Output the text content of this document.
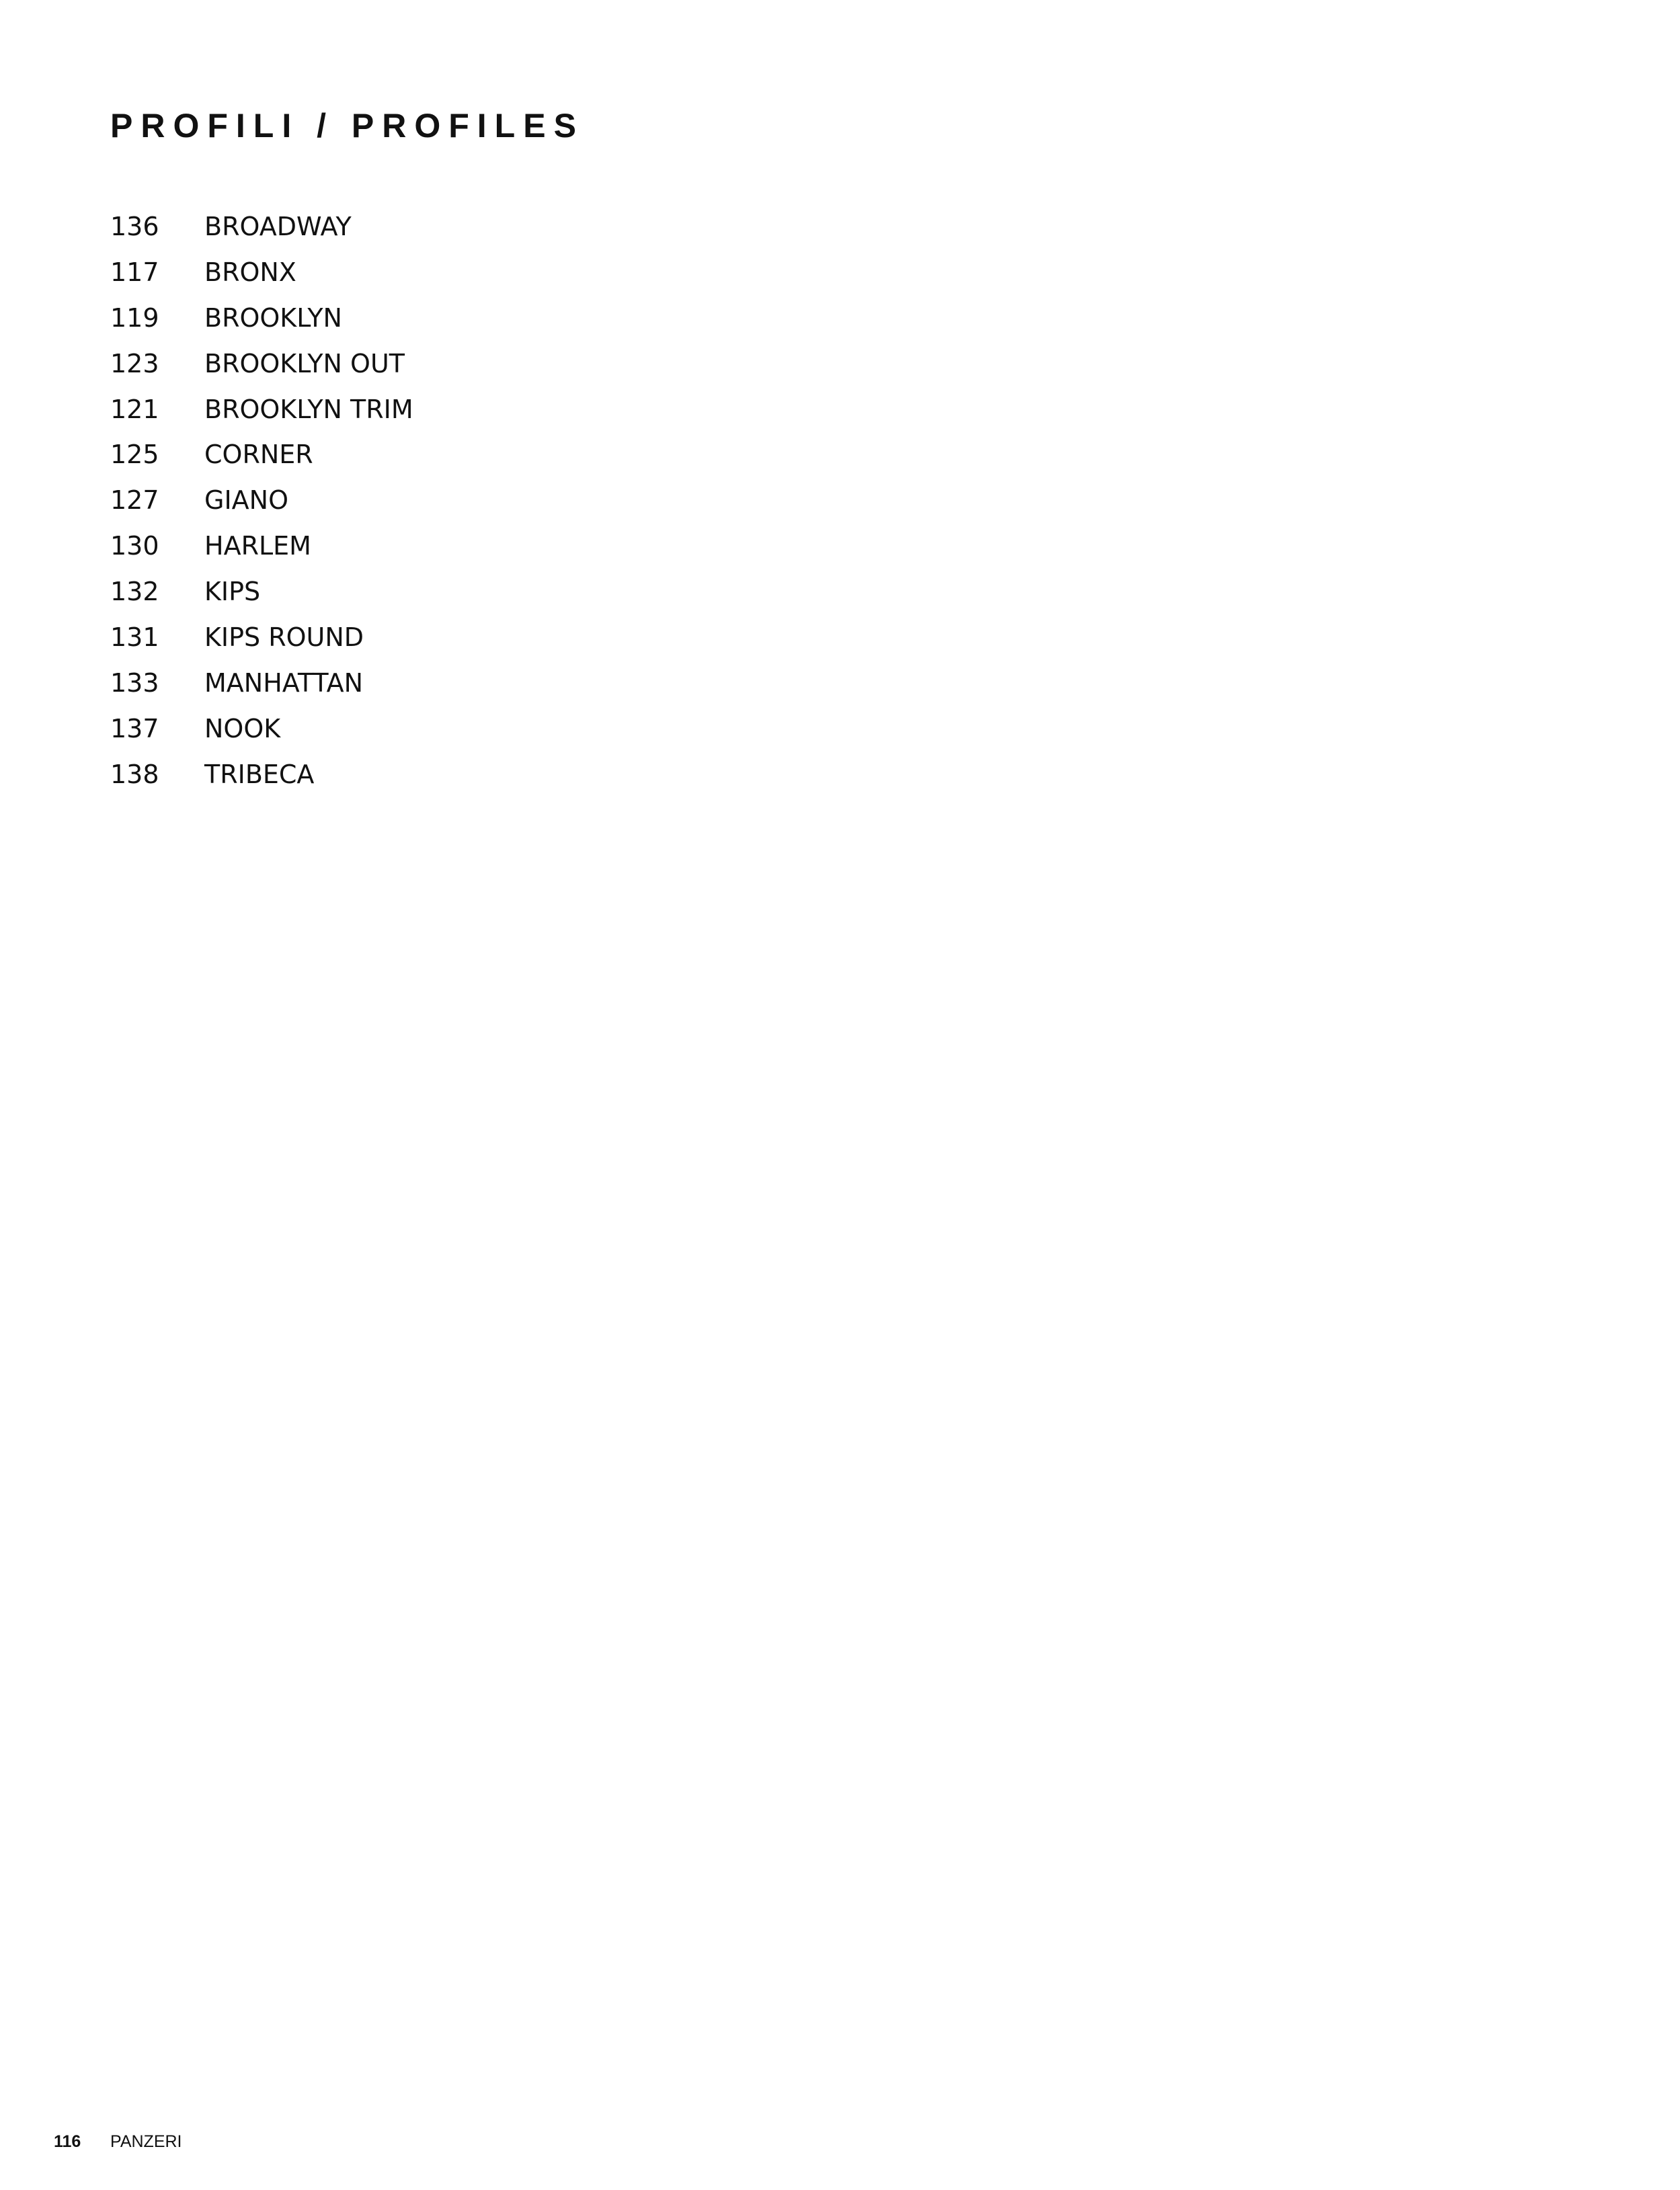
PROFILI / PROFILES
136	BROADWAY
117	BRONX
119	BROOKLYN
123	BROOKLYN OUT
121	BROOKLYN TRIM
125	CORNER
127	GIANO
130	HARLEM
132	KIPS
131	KIPS ROUND
133	MANHATTAN
137	NOOK
138	TRIBECA
116	PANZERI
